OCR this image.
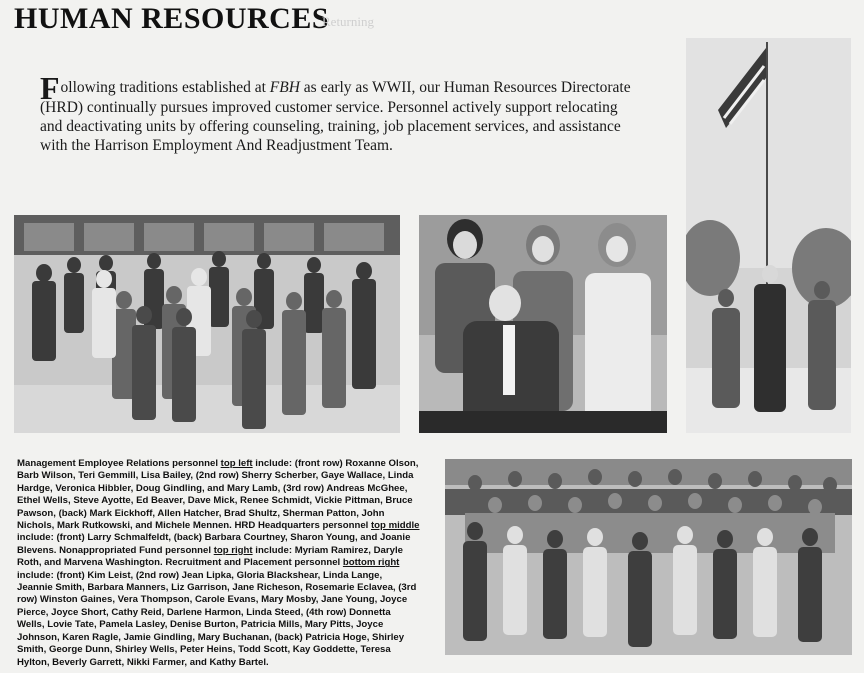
HUMAN RESOURCES
Returning
Following traditions established at FBH as early as WWII, our Human Resources Directorate (HRD) continually pursues improved customer service. Personnel actively support relocating and deactivating units by offering counseling, training, job placement services, and assistance with the Harrison Employment And Readjustment Team.
Management Employee Relations personnel top left include: (front row) Roxanne Olson, Barb Wilson, Teri Gemmill, Lisa Bailey, (2nd row) Sherry Scherber, Gaye Wallace, Linda Hardge, Veronica Hibbler, Doug Gindling, and Mary Lamb, (3rd row) Andreas McGhee, Ethel Wells, Steve Ayotte, Ed Beaver, Dave Mick, Renee Schmidt, Vickie Pittman, Bruce Pawson, (back) Mark Eickhoff, Allen Hatcher, Brad Shultz, Sherman Patton, John Nichols, Mark Rutkowski, and Michele Mennen. HRD Headquarters personnel top middle include: (front) Larry Schmalfeldt, (back) Barbara Courtney, Sharon Young, and Joanie Blevens. Nonappropriated Fund personnel top right include: Myriam Ramirez, Daryle Roth, and Marvena Washington. Recruitment and Placement personnel bottom right include: (front) Kim Leist, (2nd row) Jean Lipka, Gloria Blackshear, Linda Lange, Jeannie Smith, Barbara Manners, Liz Garrison, Jane Richeson, Rosemarie Eclavea, (3rd row) Winston Gaines, Vera Thompson, Carole Evans, Mary Mosby, Jane Young, Joyce Pierce, Joyce Short, Cathy Reid, Darlene Harmon, Linda Steed, (4th row) Donnetta Wells, Lovie Tate, Pamela Lasley, Denise Burton, Patricia Mills, Mary Pitts, Joyce Johnson, Karen Ragle, Jamie Gindling, Mary Buchanan, (back) Patricia Hoge, Shirley Smith, George Dunn, Shirley Wells, Peter Heins, Todd Scott, Kay Goddette, Teresa Hylton, Beverly Garrett, Nikki Farmer, and Kathy Bartel.
